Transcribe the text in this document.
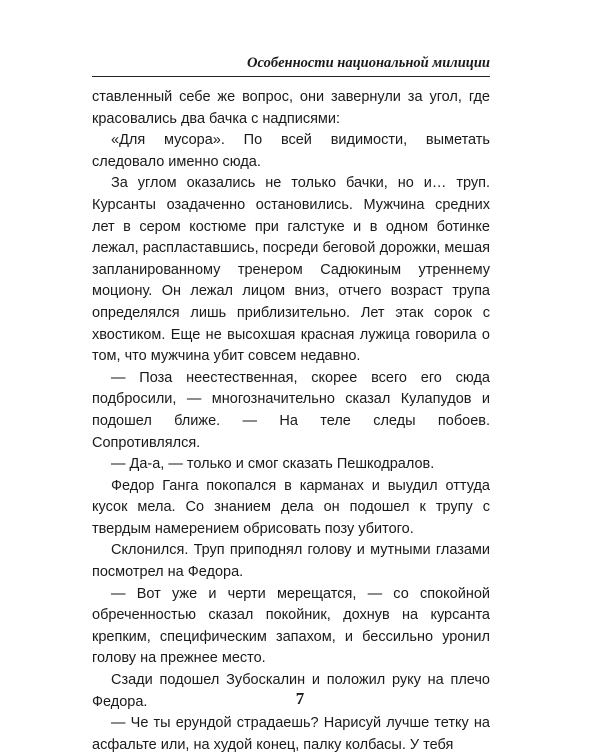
Особенности национальной милиции

ставленный себе же вопрос, они завернули за угол, где красовались два бачка с надписями:

«Для мусора». По всей видимости, выметать следовало именно сюда.

За углом оказались не только бачки, но и… труп. Курсанты озадаченно остановились. Мужчина средних лет в сером костюме при галстуке и в одном ботинке лежал, распластавшись, посреди беговой дорожки, мешая запланированному тренером Садюкиным утреннему моциону. Он лежал лицом вниз, отчего возраст трупа определялся лишь приблизительно. Лет этак сорок с хвостиком. Еще не высохшая красная лужица говорила о том, что мужчина убит совсем недавно.

— Поза неестественная, скорее всего его сюда подбросили, — многозначительно сказал Кулапудов и подошел ближе. — На теле следы побоев. Сопротивлялся.

— Да-а, — только и смог сказать Пешкодралов.

Федор Ганга покопался в карманах и выудил оттуда кусок мела. Со знанием дела он подошел к трупу с твердым намерением обрисовать позу убитого.

Склонился. Труп приподнял голову и мутными глазами посмотрел на Федора.

— Вот уже и черти мерещатся, — со спокойной обреченностью сказал покойник, дохнув на курсанта крепким, специфическим запахом, и бессильно уронил голову на прежнее место.

Сзади подошел Зубоскалин и положил руку на плечо Федора.

— Че ты ерундой страдаешь? Нарисуй лучше тетку на асфальте или, на худой конец, палку колбасы. У тебя

7
